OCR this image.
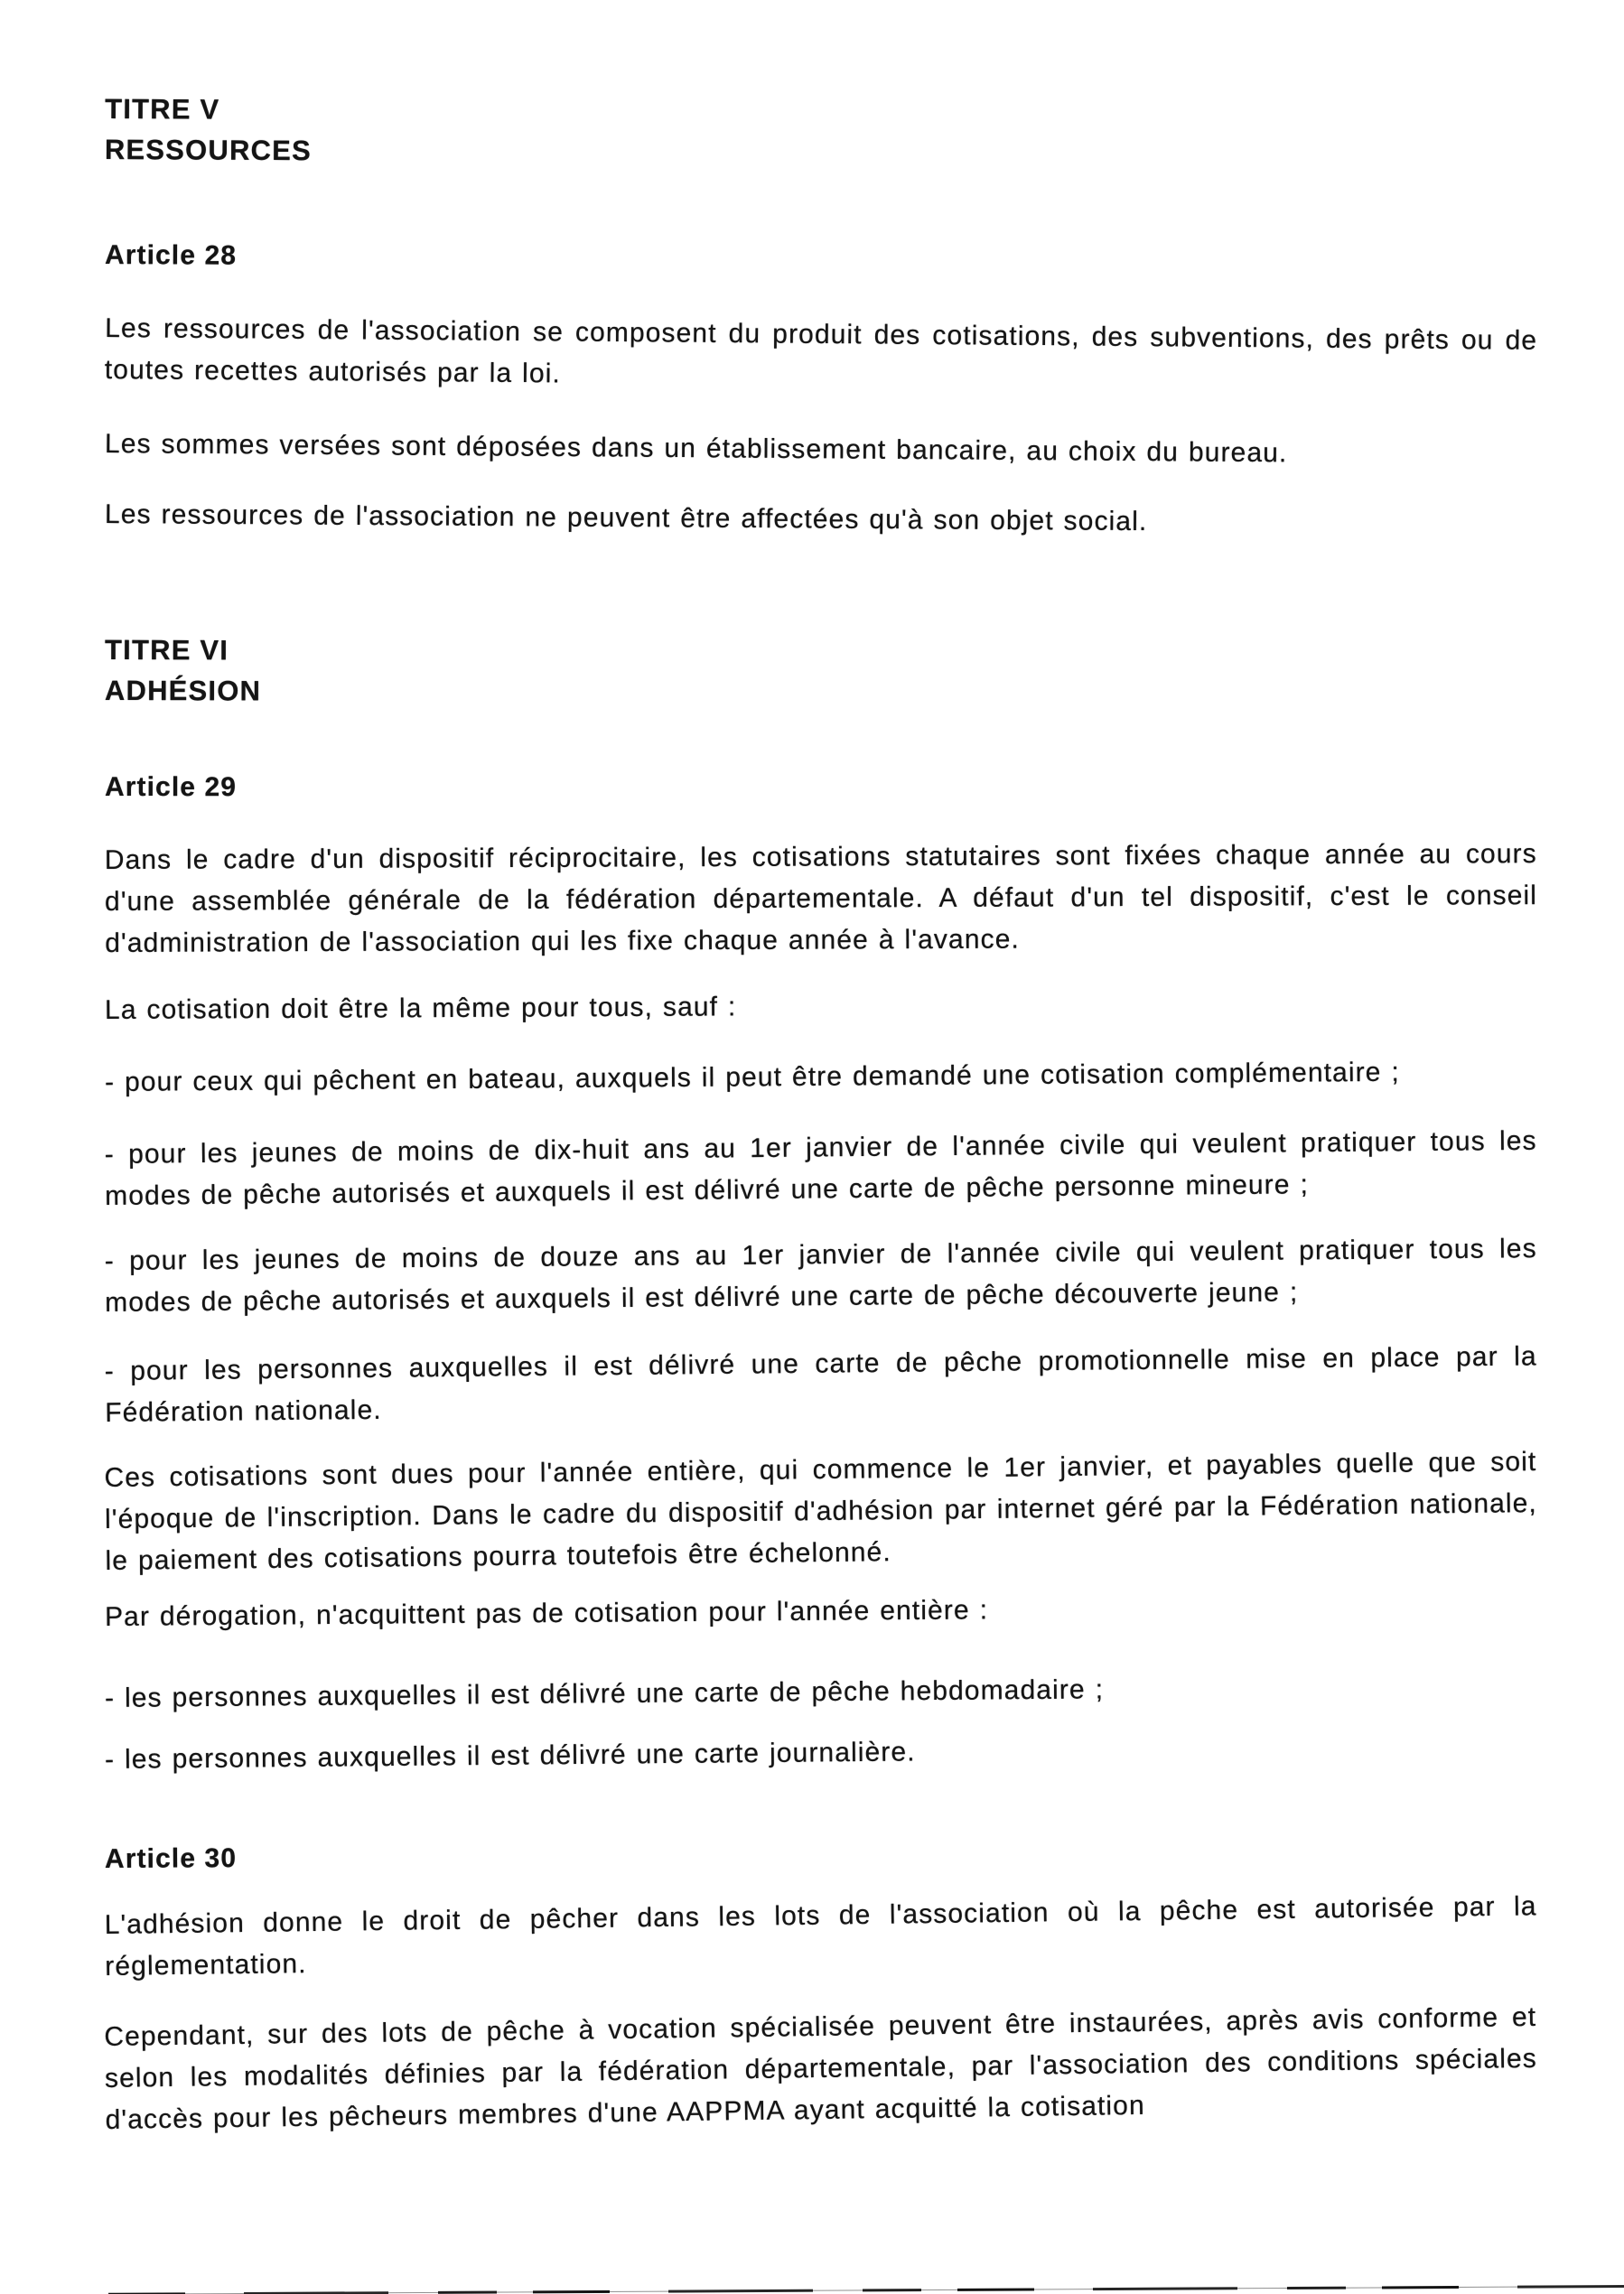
TITRE V
RESSOURCES
Article 28
Les ressources de l'association se composent du produit des cotisations, des subventions, des prêts ou de toutes recettes autorisés par la loi.
Les sommes versées sont déposées dans un établissement bancaire, au choix du bureau.
Les ressources de l'association ne peuvent être affectées qu'à son objet social.
TITRE VI
ADHÉSION
Article 29
Dans le cadre d'un dispositif réciprocitaire, les cotisations statutaires sont fixées chaque année au cours d'une assemblée générale de la fédération départementale. A défaut d'un tel dispositif, c'est le conseil d'administration de l'association qui les fixe chaque année à l'avance.
La cotisation doit être la même pour tous, sauf :
- pour ceux qui pêchent en bateau, auxquels il peut être demandé une cotisation complémentaire ;
- pour les jeunes de moins de dix-huit ans au 1er janvier de l'année civile qui veulent pratiquer tous les modes de pêche autorisés et auxquels il est délivré une carte de pêche personne mineure ;
- pour les jeunes de moins de douze ans au 1er janvier de l'année civile qui veulent pratiquer tous les modes de pêche autorisés et auxquels il est délivré une carte de pêche découverte jeune ;
- pour les personnes auxquelles il est délivré une carte de pêche promotionnelle mise en place par la Fédération nationale.
Ces cotisations sont dues pour l'année entière, qui commence le 1er janvier, et payables quelle que soit l'époque de l'inscription. Dans le cadre du dispositif d'adhésion par internet géré par la Fédération nationale, le paiement des cotisations pourra toutefois être échelonné.
Par dérogation, n'acquittent pas de cotisation pour l'année entière :
- les personnes auxquelles il est délivré une carte de pêche hebdomadaire ;
- les personnes auxquelles il est délivré une carte journalière.
Article 30
L'adhésion donne le droit de pêcher dans les lots de l'association où la pêche est autorisée par la réglementation.
Cependant, sur des lots de pêche à vocation spécialisée peuvent être instaurées, après avis conforme et selon les modalités définies par la fédération départementale, par l'association des conditions spéciales d'accès pour les pêcheurs membres d'une AAPPMA ayant acquitté la cotisation
